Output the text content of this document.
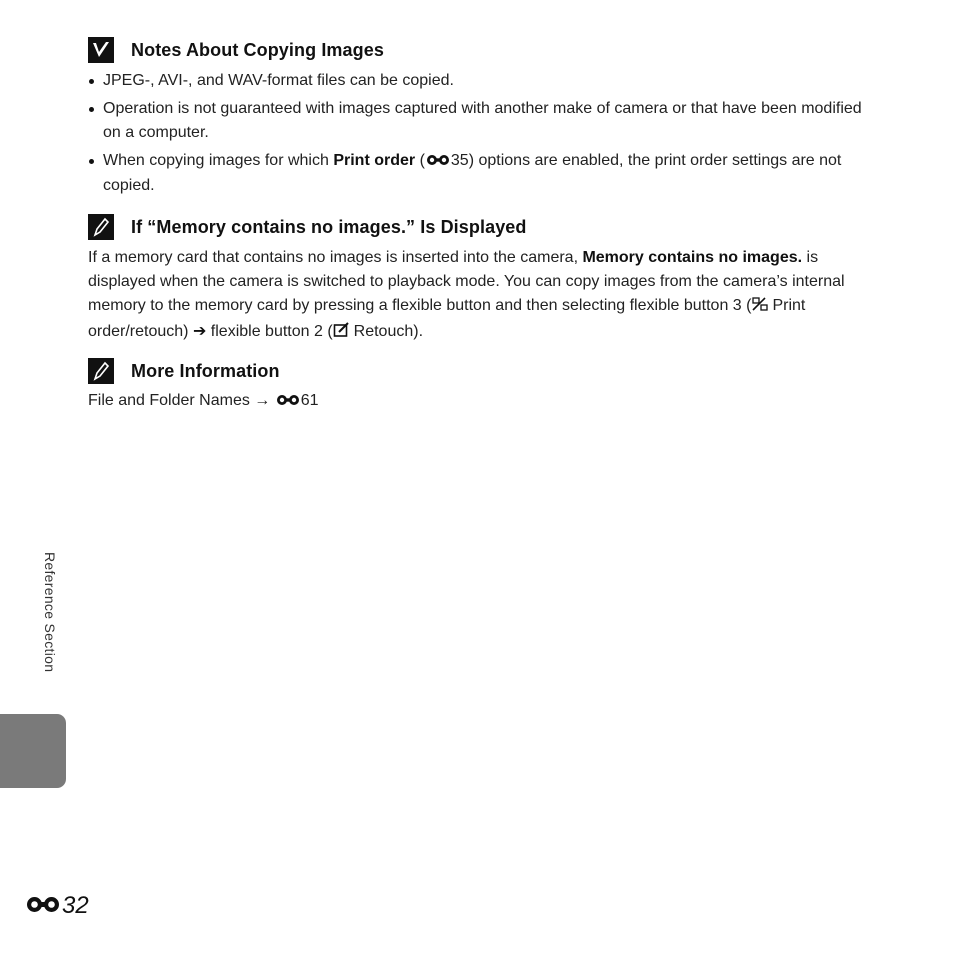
Notes About Copying Images
JPEG-, AVI-, and WAV-format files can be copied.
Operation is not guaranteed with images captured with another make of camera or that have been modified on a computer.
When copying images for which Print order ( 35) options are enabled, the print order settings are not copied.
If “Memory contains no images.” Is Displayed

If a memory card that contains no images is inserted into the camera, Memory contains no images. is displayed when the camera is switched to playback mode. You can copy images from the camera’s internal memory to the memory card by pressing a flexible button and then selecting flexible button 3 ( Print order/retouch) ➔ flexible button 2 ( Retouch).

More Information

File and Folder Names → 61

Reference Section
32
